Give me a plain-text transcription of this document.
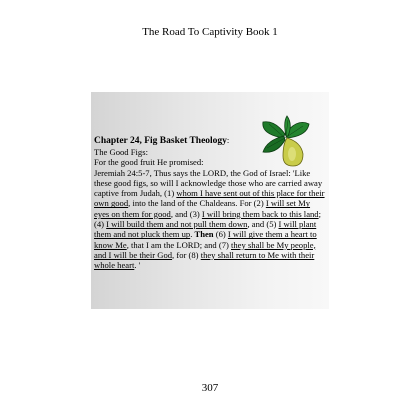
The Road To Captivity Book 1
Chapter 24, Fig Basket Theology:
The Good Figs:
For the good fruit He promised:
Jeremiah 24:5-7, Thus says the LORD, the God of Israel: 'Like these good figs, so will I acknowledge those who are carried away captive from Judah, (1) whom I have sent out of this place for their own good, into the land of the Chaldeans. For (2) I will set My eyes on them for good, and (3) I will bring them back to this land; (4) I will build them and not pull them down, and (5) I will plant them and not pluck them up. Then (6) I will give them a heart to know Me, that I am the LORD; and (7) they shall be My people, and I will be their God, for (8) they shall return to Me with their whole heart. '
307
